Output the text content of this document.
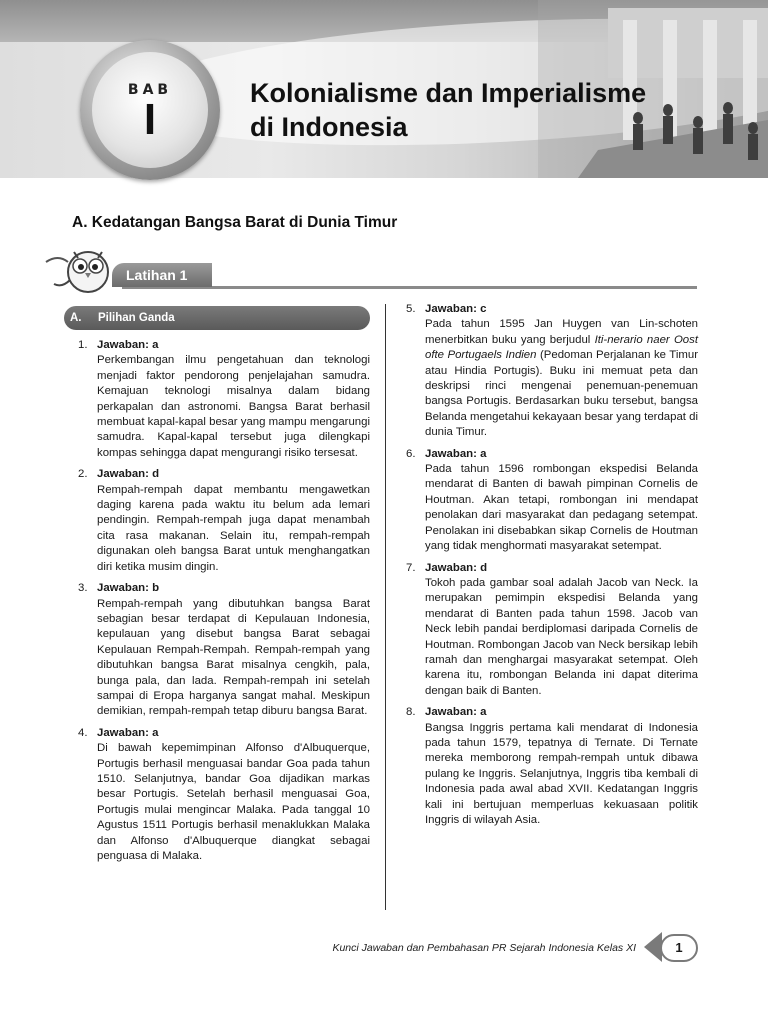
BAB
I
Kolonialisme dan Imperialisme
di Indonesia
A. Kedatangan Bangsa Barat di Dunia Timur
Latihan 1
A. Pilihan Ganda
1. Jawaban: a
Perkembangan ilmu pengetahuan dan teknologi menjadi faktor pendorong penjelajahan samudra. Kemajuan teknologi misalnya dalam bidang perkapalan dan astronomi. Bangsa Barat berhasil membuat kapal-kapal besar yang mampu mengarungi samudra. Kapal-kapal tersebut juga dilengkapi kompas sehingga dapat mengurangi risiko tersesat.
2. Jawaban: d
Rempah-rempah dapat membantu mengawetkan daging karena pada waktu itu belum ada lemari pendingin. Rempah-rempah juga dapat menambah cita rasa makanan. Selain itu, rempah-rempah digunakan oleh bangsa Barat untuk menghangatkan diri ketika musim dingin.
3. Jawaban: b
Rempah-rempah yang dibutuhkan bangsa Barat sebagian besar terdapat di Kepulauan Indonesia, kepulauan yang disebut bangsa Barat sebagai Kepulauan Rempah-Rempah. Rempah-rempah yang dibutuhkan bangsa Barat misalnya cengkih, pala, bunga pala, dan lada. Rempah-rempah ini setelah sampai di Eropa harganya sangat mahal. Meskipun demikian, rempah-rempah tetap diburu bangsa Barat.
4. Jawaban: a
Di bawah kepemimpinan Alfonso d'Albuquerque, Portugis berhasil menguasai bandar Goa pada tahun 1510. Selanjutnya, bandar Goa dijadikan markas besar Portugis. Setelah berhasil menguasai Goa, Portugis mulai mengincar Malaka. Pada tanggal 10 Agustus 1511 Portugis berhasil menaklukkan Malaka dan Alfonso d'Albuquerque diangkat sebagai penguasa di Malaka.
5. Jawaban: c
Pada tahun 1595 Jan Huygen van Lin-schoten menerbitkan buku yang berjudul Iti-nerario naer Oost ofte Portugaels Indien (Pedoman Perjalanan ke Timur atau Hindia Portugis). Buku ini memuat peta dan deskripsi rinci mengenai penemuan-penemuan bangsa Portugis. Berdasarkan buku tersebut, bangsa Belanda mengetahui kekayaan besar yang terdapat di dunia Timur.
6. Jawaban: a
Pada tahun 1596 rombongan ekspedisi Belanda mendarat di Banten di bawah pimpinan Cornelis de Houtman. Akan tetapi, rombongan ini mendapat penolakan dari masyarakat dan pedagang setempat. Penolakan ini disebabkan sikap Cornelis de Houtman yang tidak menghormati masyarakat setempat.
7. Jawaban: d
Tokoh pada gambar soal adalah Jacob van Neck. Ia merupakan pemimpin ekspedisi Belanda yang mendarat di Banten pada tahun 1598. Jacob van Neck lebih pandai berdiplomasi daripada Cornelis de Houtman. Rombongan Jacob van Neck bersikap lebih ramah dan menghargai masyarakat setempat. Oleh karena itu, rombongan Belanda ini dapat diterima dengan baik di Banten.
8. Jawaban: a
Bangsa Inggris pertama kali mendarat di Indonesia pada tahun 1579, tepatnya di Ternate. Di Ternate mereka memborong rempah-rempah untuk dibawa pulang ke Inggris. Selanjutnya, Inggris tiba kembali di Indonesia pada awal abad XVII. Kedatangan Inggris kali ini bertujuan memperluas kekuasaan politik Inggris di wilayah Asia.
Kunci Jawaban dan Pembahasan PR Sejarah Indonesia Kelas XI	1
